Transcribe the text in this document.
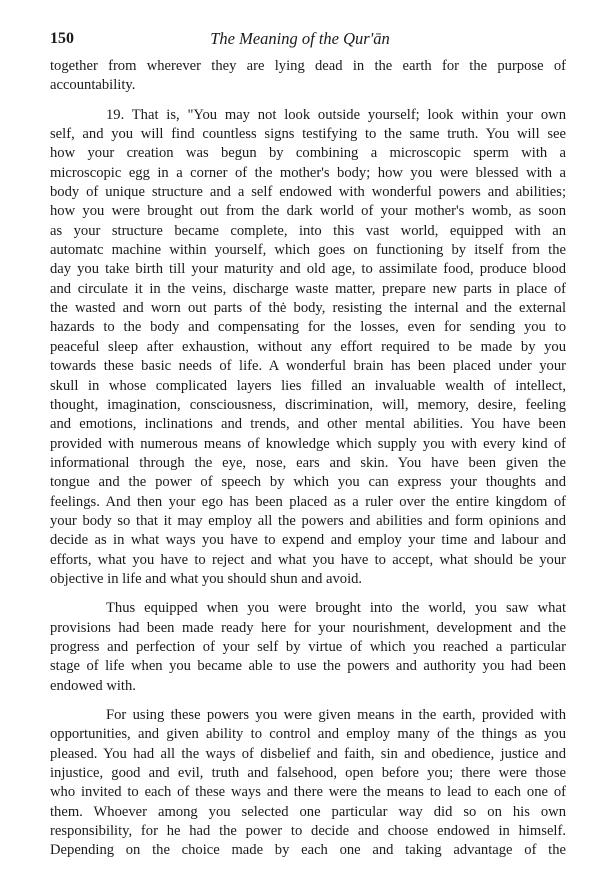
150	The Meaning of the Qur'ān
together from wherever they are lying dead in the earth for the purpose of
accountability.
19. That is, "You may not look outside yourself; look within your own
self, and you will find countless signs testifying to the same truth. You will see
how your creation was begun by combining a microscopic sperm with a
microscopic egg in a corner of the mother's body; how you were blessed with a
body of unique structure and a self endowed with wonderful powers and abilities;
how you were brought out from the dark world of your mother's womb, as soon
as your structure became complete, into this vast world, equipped with an
automatc machine within yourself, which goes on functioning by itself from the
day you take birth till your maturity and old age, to assimilate food, produce blood
and circulate it in the veins, discharge waste matter, prepare new parts in place of
the wasted and worn out parts of thė body, resisting the internal and the external
hazards to the body and compensating for the losses, even for sending you to
peaceful sleep after exhaustion, without any effort required to be made by you
towards these basic needs of life. A wonderful brain has been placed under your
skull in whose complicated layers lies filled an invaluable wealth of intellect,
thought, imagination, consciousness, discrimination, will, memory, desire, feeling
and emotions, inclinations and trends, and other mental abilities. You have been
provided with numerous means of knowledge which supply you with every kind of
informational through the eye, nose, ears and skin. You have been given the
tongue and the power of speech by which you can express your thoughts and
feelings. And then your ego has been placed as a ruler over the entire kingdom of
your body so that it may employ all the powers and abilities and form opinions and
decide as in what ways you have to expend and employ your time and labour and
efforts, what you have to reject and what you have to accept, what should be your
objective in life and what you should shun and avoid.
Thus equipped when you were brought into the world, you saw what
provisions had been made ready here for your nourishment, development and the
progress and perfection of your self by virtue of which you reached a particular
stage of life when you became able to use the powers and authority you had been
endowed with.
For using these powers you were given means in the earth, provided with
opportunities, and given ability to control and employ many of the things as you
pleased. You had all the ways of disbelief and faith, sin and obedience, justice and
injustice, good and evil, truth and falsehood, open before you; there were those
who invited to each of these ways and there were the means to lead to each one of
them. Whoever among you selected one particular way did so on his own
responsibility, for he had the power to decide and choose endowed in himself.
Depending on the choice made by each one and taking advantage of the
